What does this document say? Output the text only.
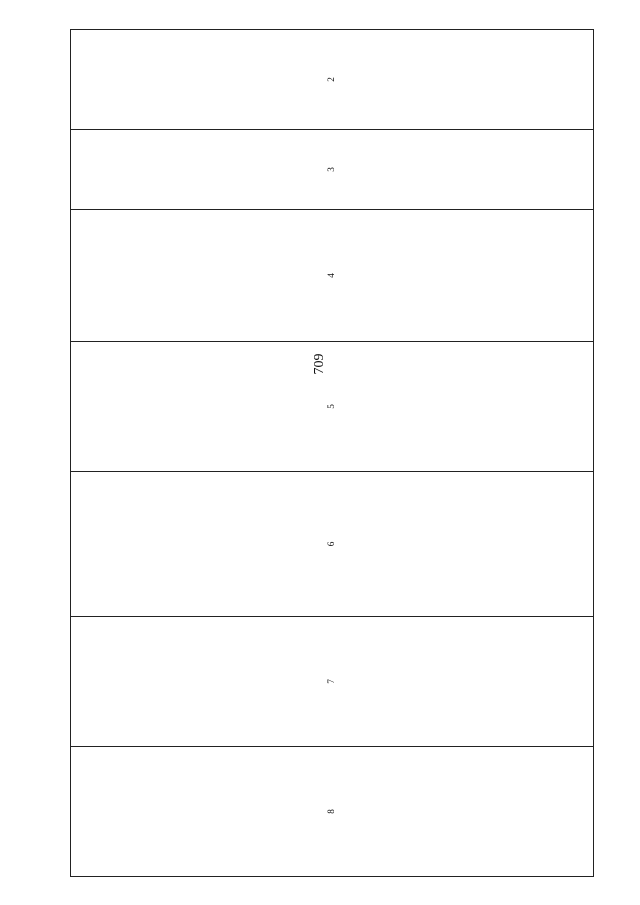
709
8	7	6	5	4	3	2	
